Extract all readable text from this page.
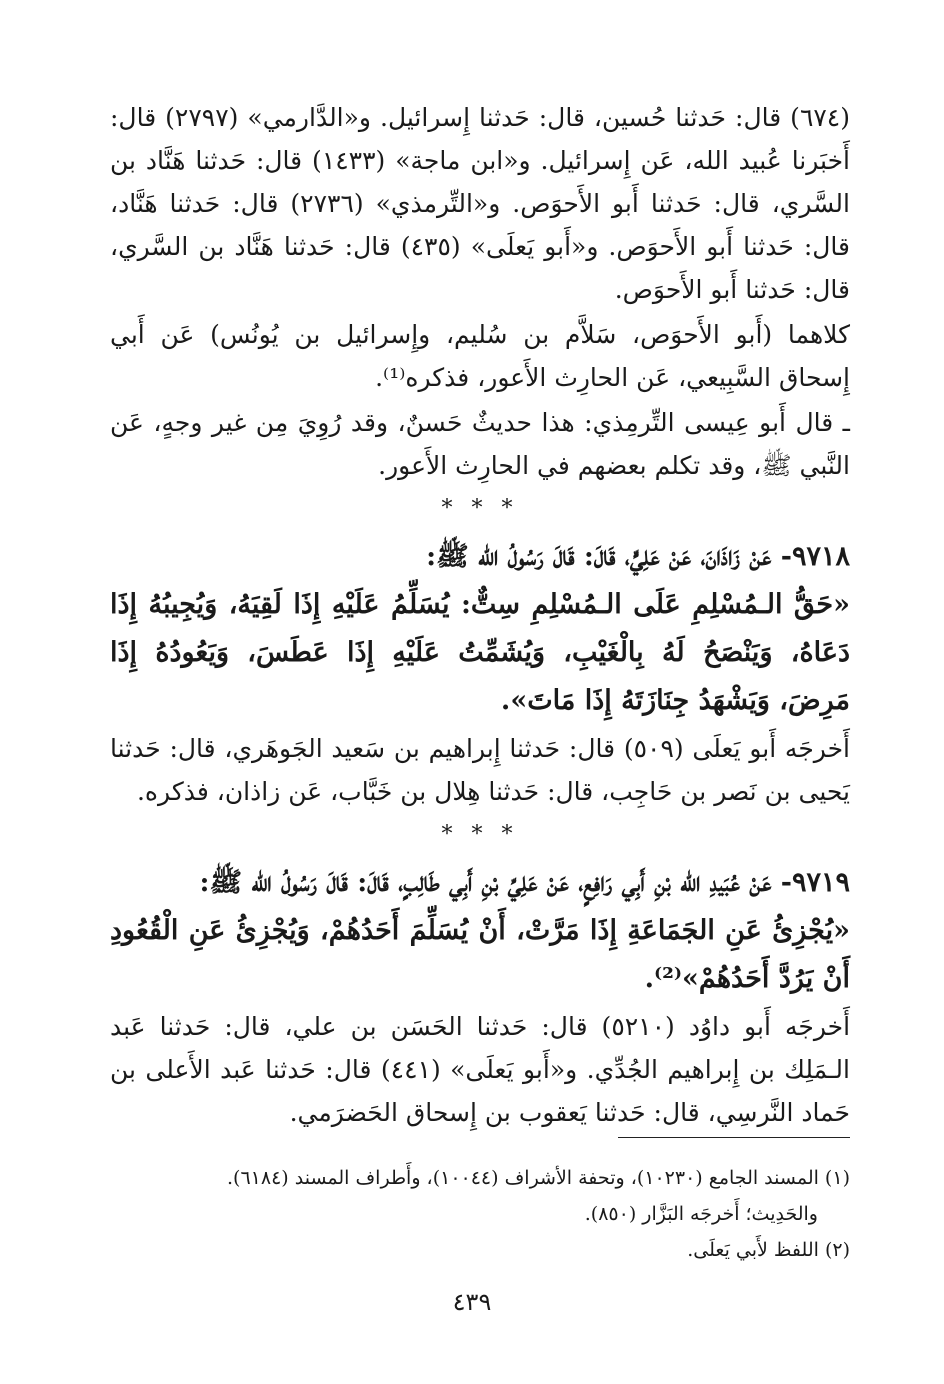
(٦٧٤) قال: حَدثنا حُسين، قال: حَدثنا إِسرائيل. و«الدَّارمي» (٢٧٩٧) قال: أَخبَرنا عُبيد الله، عَن إِسرائيل. و«ابن ماجة» (١٤٣٣) قال: حَدثنا هَنَّاد بن السَّري، قال: حَدثنا أَبو الأَحوَص. و«التِّرمذي» (٢٧٣٦) قال: حَدثنا هَنَّاد، قال: حَدثنا أَبو الأَحوَص. و«أَبو يَعلَى» (٤٣٥) قال: حَدثنا هَنَّاد بن السَّري، قال: حَدثنا أَبو الأَحوَص.

كلاهما (أَبو الأَحوَص، سَلاَّم بن سُليم، وإِسرائيل بن يُونُس) عَن أَبي إِسحاق السَّبِيعي، عَن الحارِث الأَعور، فذكره⁽¹⁾.

ـ قال أَبو عِيسى التِّرمِذي: هذا حديثٌ حَسنٌ، وقد رُوِيَ مِن غير وجهٍ، عَن النَّبي ﷺ، وقد تكلم بعضهم في الحارِث الأَعور.

* * *

٩٧١٨- عَنْ زَاذَانَ، عَنْ عَلِيٍّ، قَالَ: قَالَ رَسُولُ الله ﷺ:

«حَقُّ الـمُسْلِمِ عَلَى الـمُسْلِمِ سِتٌّ: يُسَلِّمُ عَلَيْهِ إِذَا لَقِيَهُ، وَيُجِيبُهُ إِذَا دَعَاهُ، وَيَنْصَحُ لَهُ بِالْغَيْبِ، وَيُشَمِّتُ عَلَيْهِ إِذَا عَطَسَ، وَيَعُودُهُ إِذَا مَرِضَ، وَيَشْهَدُ جِنَازَتَهُ إِذَا مَاتَ».

أَخرجَه أَبو يَعلَى (٥٠٩) قال: حَدثنا إِبراهيم بن سَعيد الجَوهَري، قال: حَدثنا يَحيى بن نَصر بن حَاجِب، قال: حَدثنا هِلال بن خَبَّاب، عَن زاذان، فذكره.

* * *

٩٧١٩- عَنْ عُبَيدِ الله بْنِ أَبِي رَافِعٍ، عَنْ عَلِيِّ بْنِ أَبِي طَالِبٍ، قَالَ: قَالَ رَسُولُ الله ﷺ:

«يُجْزِئُ عَنِ الجَمَاعَةِ إِذَا مَرَّتْ، أَنْ يُسَلِّمَ أَحَدُهُمْ، وَيُجْزِئُ عَنِ الْقُعُودِ أَنْ يَرُدَّ أَحَدُهُمْ»⁽²⁾.

أَخرجَه أَبو داوُد (٥٢١٠) قال: حَدثنا الحَسَن بن علي، قال: حَدثنا عَبد الـمَلِك بن إِبراهيم الجُدِّي. و«أَبو يَعلَى» (٤٤١) قال: حَدثنا عَبد الأَعلى بن حَماد النَّرسِي، قال: حَدثنا يَعقوب بن إِسحاق الحَضرَمي.

(١) المسند الجامع (١٠٢٣٠)، وتحفة الأشراف (١٠٠٤٤)، وأَطراف المسند (٦١٨٤).

والحَدِيث؛ أَخرجَه البَزَّار (٨٥٠).

(٢) اللفظ لأَبي يَعلَى.

٤٣٩
